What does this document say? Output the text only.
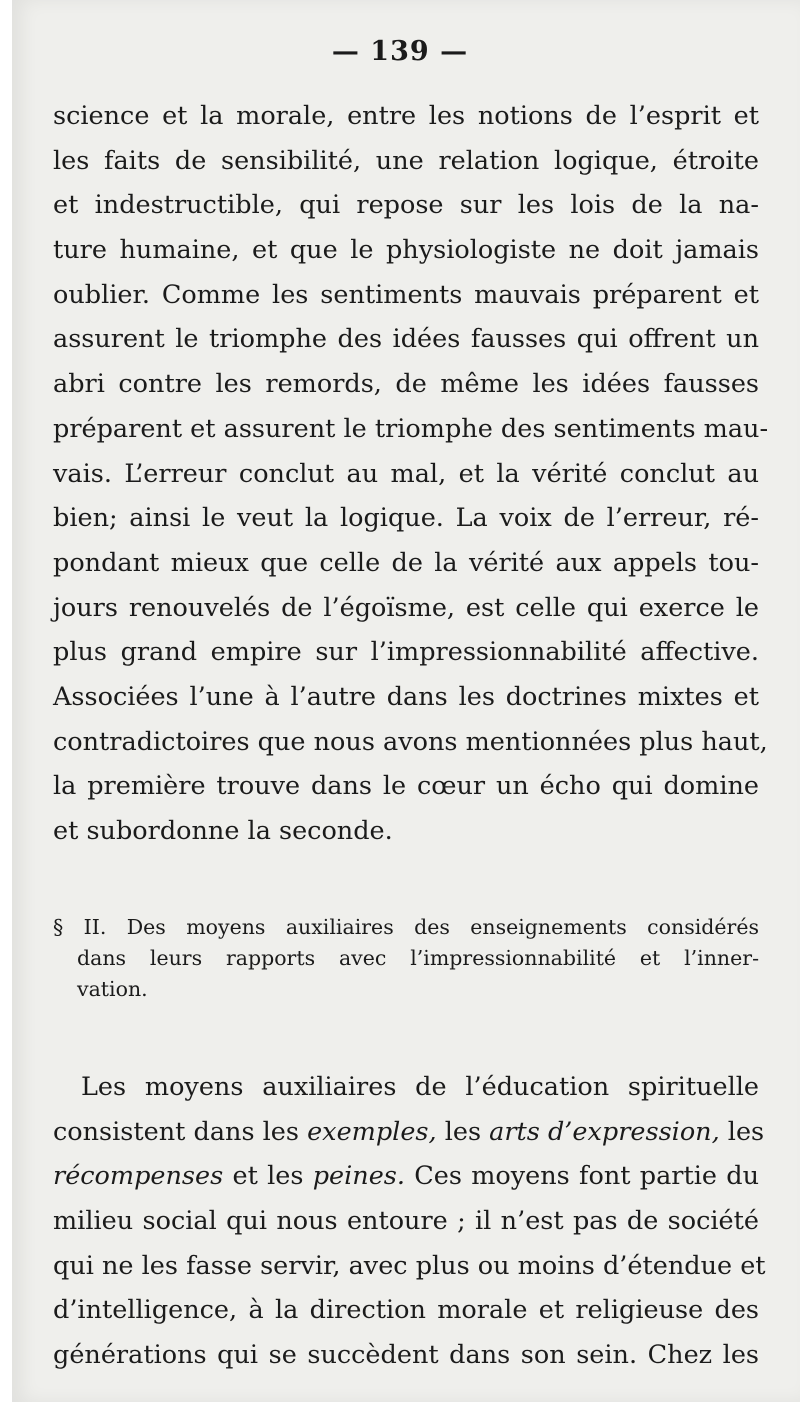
— 139 —
science et la morale, entre les notions de l’esprit et
les faits de sensibilité, une relation logique, étroite
et indestructible, qui repose sur les lois de la na-
ture humaine, et que le physiologiste ne doit jamais
oublier. Comme les sentiments mauvais préparent et
assurent le triomphe des idées fausses qui offrent un
abri contre les remords, de même les idées fausses
préparent et assurent le triomphe des sentiments mau-
vais. L’erreur conclut au mal, et la vérité conclut au
bien; ainsi le veut la logique. La voix de l’erreur, ré-
pondant mieux que celle de la vérité aux appels tou-
jours renouvelés de l’égoïsme, est celle qui exerce le
plus grand empire sur l’impressionnabilité affective.
Associées l’une à l’autre dans les doctrines mixtes et
contradictoires que nous avons mentionnées plus haut,
la première trouve dans le cœur un écho qui domine
et subordonne la seconde.
§ II. Des moyens auxiliaires des enseignements considérés
dans leurs rapports avec l’impressionnabilité et l’inner-
vation.
Les moyens auxiliaires de l’éducation spirituelle
consistent dans les exemples, les arts d’expression, les
récompenses et les peines. Ces moyens font partie du
milieu social qui nous entoure ; il n’est pas de société
qui ne les fasse servir, avec plus ou moins d’étendue et
d’intelligence, à la direction morale et religieuse des
générations qui se succèdent dans son sein. Chez les
